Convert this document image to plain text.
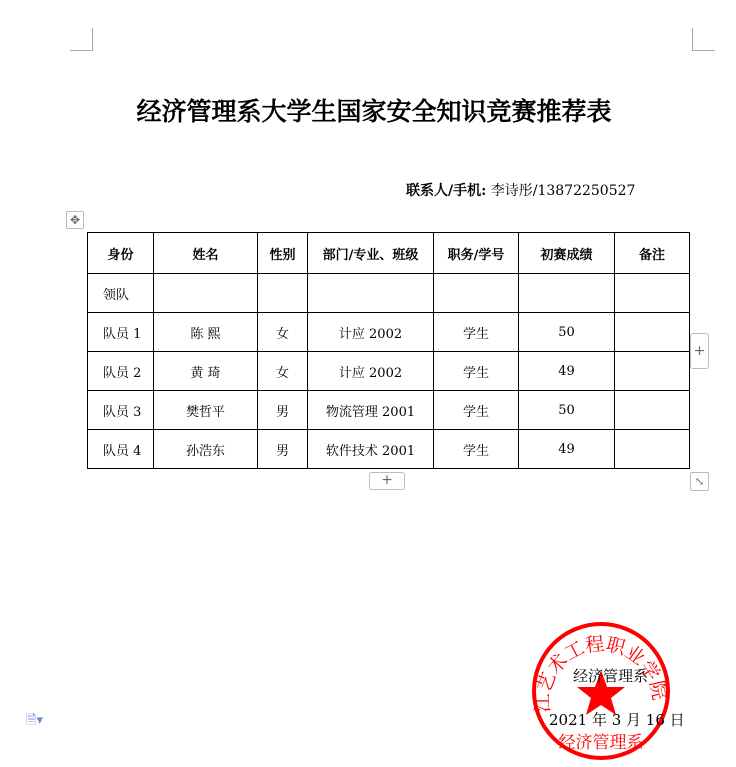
经济管理系大学生国家安全知识竞赛推荐表
联系人/手机: 李诗彤/13872250527
✥
身份	姓名	性别	部门/专业、班级	职务/学号	初赛成绩	备注
领队						
队员 1	陈 熙	女	计应 2002	学生	50	
队员 2	黄 琦	女	计应 2002	学生	49	
队员 3	樊哲平	男	物流管理 2001	学生	50	
队员 4	孙浩东	男	软件技术 2001	学生	49	
+
+	⤡
江艺术工程职业学院
经济管理系
经济管理系
2021 年 3 月 16 日
🗎▾
